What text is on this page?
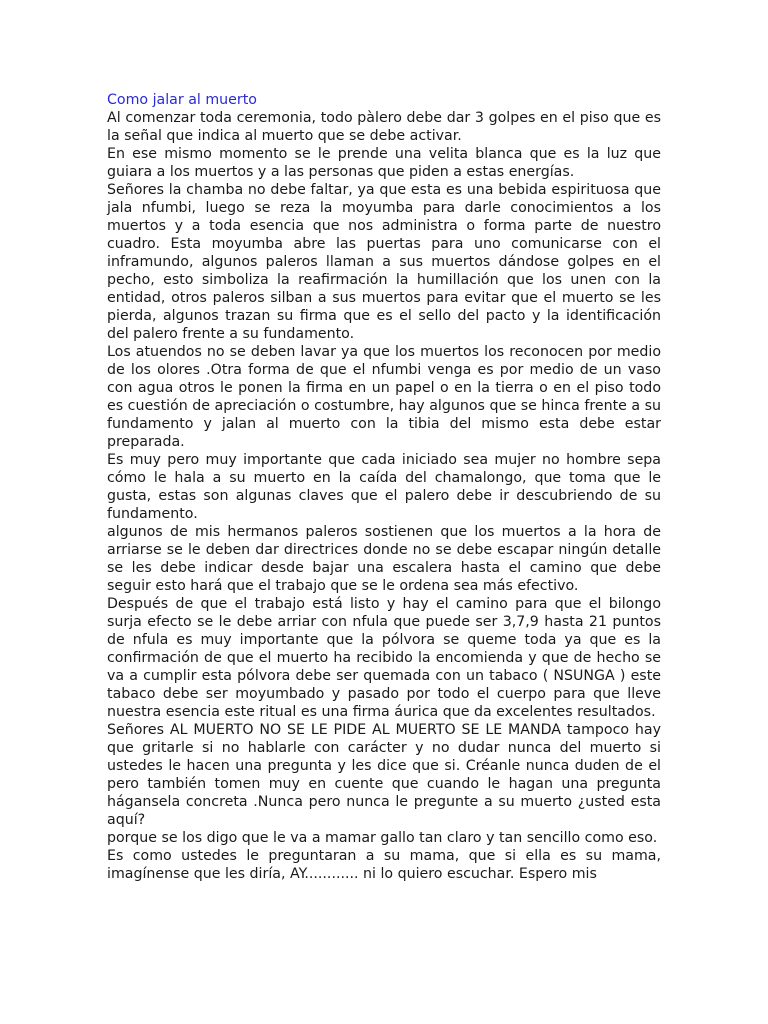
Como jalar al muerto

Al comenzar toda ceremonia, todo pàlero debe dar 3 golpes en el piso que es la señal que indica al muerto que se debe activar.

En ese mismo momento se le prende una velita blanca que es la luz que guiara a los muertos y a las personas que piden a estas energías.

Señores la chamba no debe faltar, ya que esta es una bebida espirituosa que jala nfumbi, luego se reza la moyumba para darle conocimientos a los muertos y a toda esencia que nos administra o forma parte de nuestro cuadro. Esta moyumba abre las puertas para uno comunicarse con el inframundo, algunos paleros llaman a sus muertos dándose golpes en el pecho, esto simboliza la reafirmación la humillación que los unen con la entidad, otros paleros silban a sus muertos para evitar que el muerto se les pierda, algunos trazan su firma que es el sello del pacto y la identificación del palero frente a su fundamento.

Los atuendos no se deben lavar ya que los muertos los reconocen por medio de los olores .Otra forma de que el nfumbi venga es por medio de un vaso con agua otros le ponen la firma en un papel o en la tierra o en el piso todo es cuestión de apreciación o costumbre, hay algunos que se hinca frente a su fundamento y jalan al muerto con la tibia del mismo esta debe estar preparada.

Es muy pero muy importante que cada iniciado sea mujer no hombre sepa cómo le hala a su muerto en la caída del chamalongo, que toma que le gusta, estas son algunas claves que el palero debe ir descubriendo de su fundamento.

algunos de mis hermanos paleros sostienen que los muertos a la hora de arriarse se le deben dar directrices donde no se debe escapar ningún detalle se les debe indicar desde bajar una escalera hasta el camino que debe seguir esto hará que el trabajo que se le ordena sea más efectivo.

Después de que el trabajo está listo y hay el camino para que el bilongo surja efecto se le debe arriar con nfula que puede ser 3,7,9 hasta 21 puntos de nfula es muy importante que la pólvora se queme toda ya que es la confirmación de que el muerto ha recibido la encomienda y que de hecho se va a cumplir esta pólvora debe ser quemada con un tabaco ( NSUNGA ) este tabaco debe ser moyumbado y pasado por todo el cuerpo para que lleve nuestra esencia este ritual es una firma áurica que da excelentes resultados.

Señores AL MUERTO NO SE LE PIDE AL MUERTO SE LE MANDA tampoco hay que gritarle si no hablarle con carácter y no dudar nunca del muerto si ustedes le hacen una pregunta y les dice que si. Créanle nunca duden de el pero también tomen muy en cuente que cuando le hagan una pregunta hágansela concreta .Nunca pero nunca le pregunte a su muerto ¿usted esta aquí?

porque se los digo que le va a mamar gallo tan claro y tan sencillo como eso.

Es como ustedes le preguntaran a su mama, que si ella es su mama, imagínense que les diría, AY............ ni lo quiero escuchar. Espero mis
